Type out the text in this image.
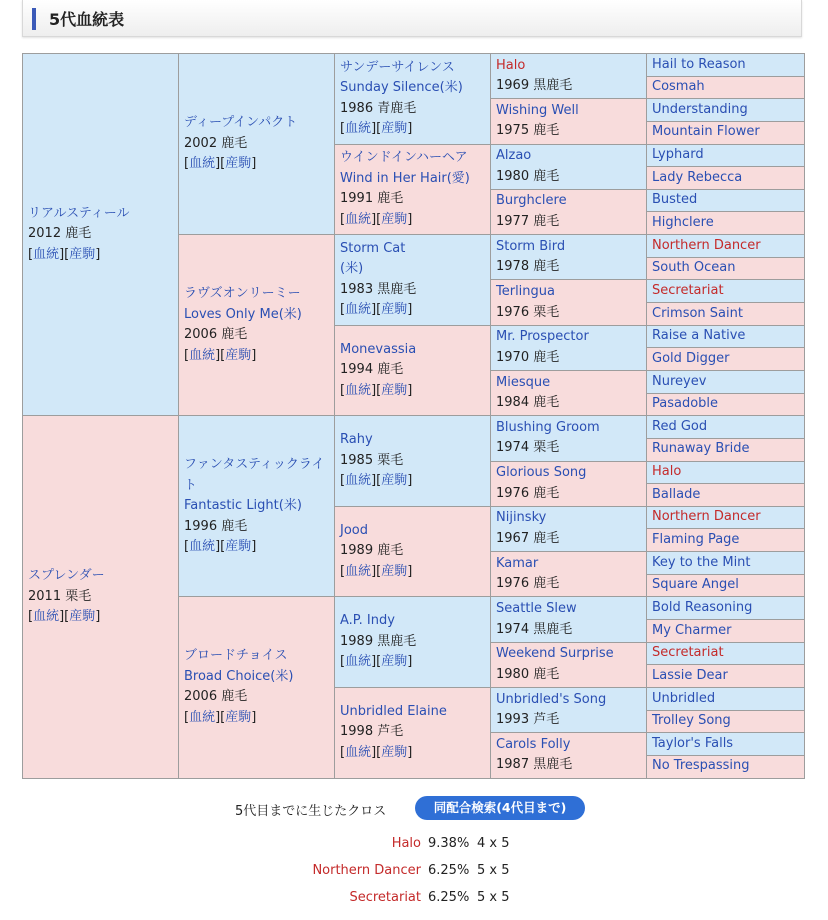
5代血統表
リアルスティール
2012 鹿毛
[血統][産駒]	ディープインパクト
2002 鹿毛
[血統][産駒]	サンデーサイレンス
Sunday Silence(米)
1986 青鹿毛
[血統][産駒]	Halo
1969 黒鹿毛	Hail to Reason

				Cosmah

			Wishing Well
1975 鹿毛	Understanding

				Mountain Flower

		ウインドインハーヘア
Wind in Her Hair(愛)
1991 鹿毛
[血統][産駒]	Alzao
1980 鹿毛	Lyphard

				Lady Rebecca

			Burghclere
1977 鹿毛	Busted

				Highclere

	ラヴズオンリーミー
Loves Only Me(米)
2006 鹿毛
[血統][産駒]	Storm Cat
(米)
1983 黒鹿毛
[血統][産駒]	Storm Bird
1978 鹿毛	Northern Dancer

				South Ocean

			Terlingua
1976 栗毛	Secretariat

				Crimson Saint

		Monevassia
1994 鹿毛
[血統][産駒]	Mr. Prospector
1970 鹿毛	Raise a Native

				Gold Digger

			Miesque
1984 鹿毛	Nureyev

				Pasadoble

スプレンダー
2011 栗毛
[血統][産駒]	ファンタスティックライト
Fantastic Light(米)
1996 鹿毛
[血統][産駒]	Rahy
1985 栗毛
[血統][産駒]	Blushing Groom
1974 栗毛	Red God

				Runaway Bride

			Glorious Song
1976 鹿毛	Halo

				Ballade

		Jood
1989 鹿毛
[血統][産駒]	Nijinsky
1967 鹿毛	Northern Dancer

				Flaming Page

			Kamar
1976 鹿毛	Key to the Mint

				Square Angel

	ブロードチョイス
Broad Choice(米)
2006 鹿毛
[血統][産駒]	A.P. Indy
1989 黒鹿毛
[血統][産駒]	Seattle Slew
1974 黒鹿毛	Bold Reasoning

				My Charmer

			Weekend Surprise
1980 鹿毛	Secretariat

				Lassie Dear

		Unbridled Elaine
1998 芦毛
[血統][産駒]	Unbridled's Song
1993 芦毛	Unbridled

				Trolley Song

			Carols Folly
1987 黒鹿毛	Taylor's Falls

				No Trespassing
5代目までに生じたクロス	同配合検索(4代目まで)
Halo 9.38% 4 x 5
Northern Dancer 6.25% 5 x 5
Secretariat 6.25% 5 x 5
